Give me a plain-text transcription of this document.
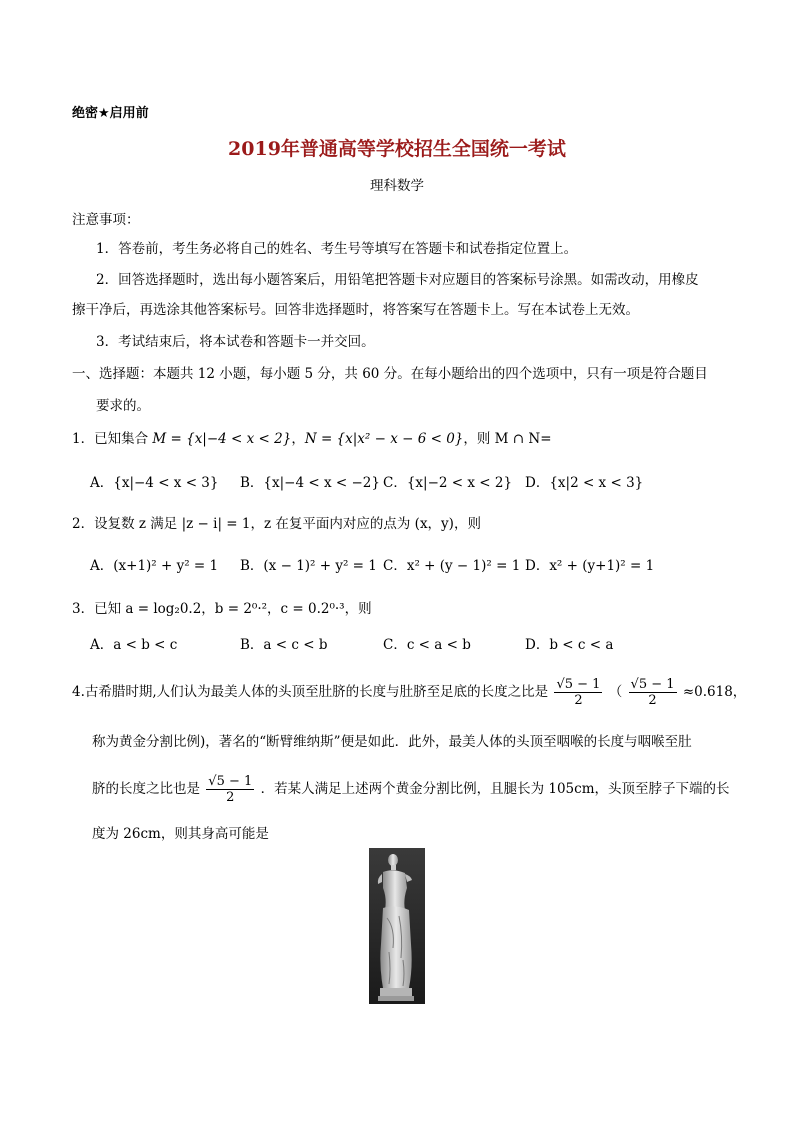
绝密★启用前
2019年普通高等学校招生全国统一考试
理科数学
注意事项：
1．答卷前，考生务必将自己的姓名、考生号等填写在答题卡和试卷指定位置上。
2．回答选择题时，选出每小题答案后，用铅笔把答题卡对应题目的答案标号涂黑。如需改动，用橡皮
擦干净后，再选涂其他答案标号。回答非选择题时，将答案写在答题卡上。写在本试卷上无效。
3．考试结束后，将本试卷和答题卡一并交回。
一、选择题：本题共 12 小题，每小题 5 分，共 60 分。在每小题给出的四个选项中，只有一项是符合题目
要求的。
1．已知集合 M = {x|−4 < x < 2}，N = {x|x² − x − 6 < 0}，则 M ∩ N=
A．{x|−4 < x < 3} B．{x|−4 < x < −2} C．{x|−2 < x < 2} D．{x|2 < x < 3}
2．设复数 z 满足 |z − i| = 1，z 在复平面内对应的点为 (x，y)，则
A．(x+1)² + y² = 1 B．(x − 1)² + y² = 1 C．x² + (y − 1)² = 1 D．x² + (y+1)² = 1
3．已知 a = log₂0.2，b = 2⁰·²，c = 0.2⁰·³，则
A．a < b < c	B．a < c < b	C．c < a < b	D．b < c < a
4.古希腊时期,人们认为最美人体的头顶至肚脐的长度与肚脐至足底的长度之比是 $\frac{√5 - 1}{2}$ （ $\frac{√5 - 1}{2} \approx 0.618$，
称为黄金分割比例)，著名的“断臂维纳斯”便是如此．此外，最美人体的头顶至咽喉的长度与咽喉至肚
脐的长度之比也是 $\frac{√5 - 1}{2}$ ．若某人满足上述两个黄金分割比例，且腿长为 105cm，头顶至脖子下端的长
度为 26cm，则其身高可能是
